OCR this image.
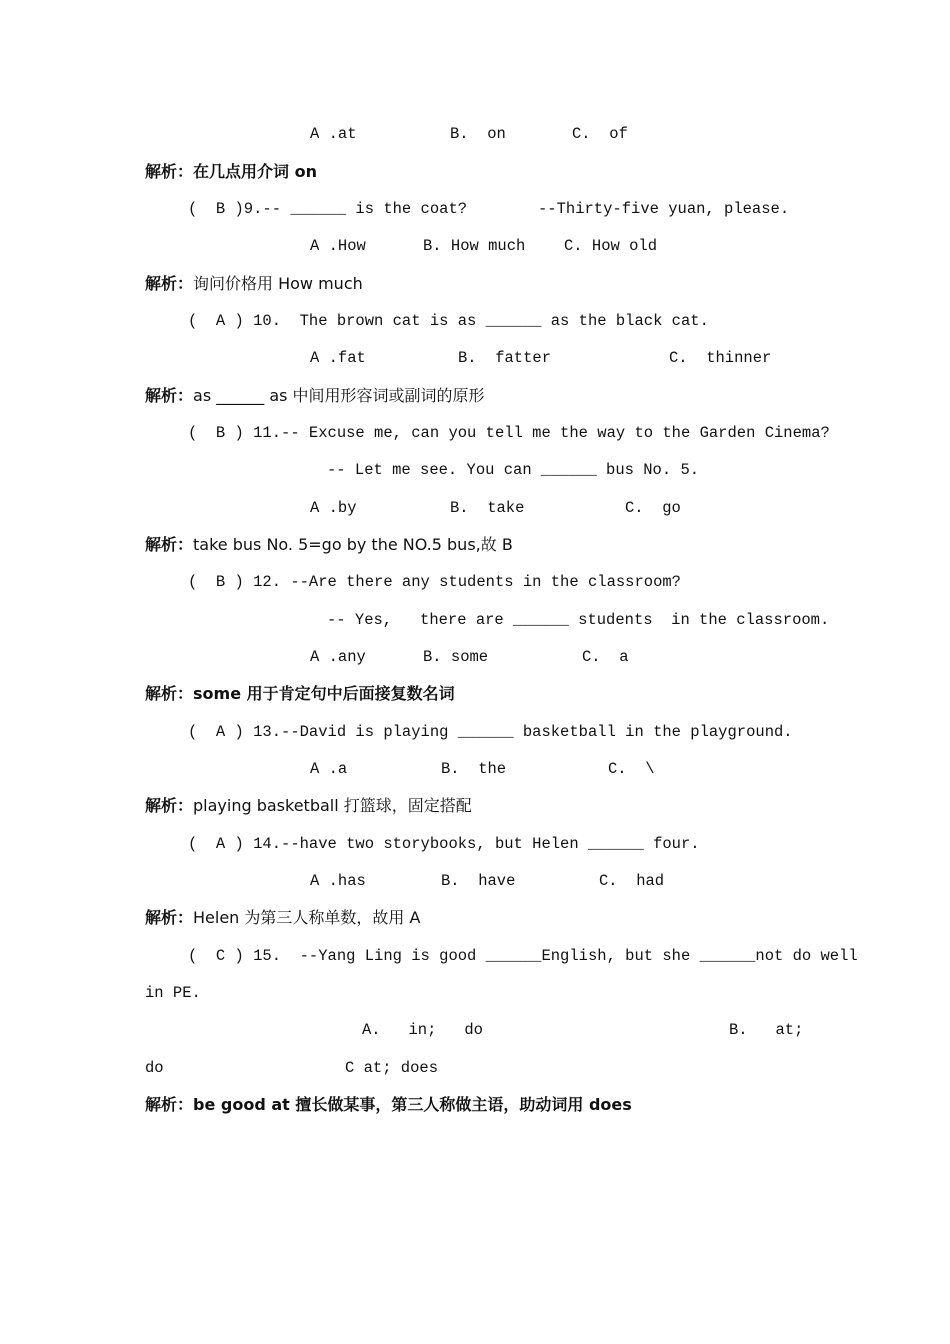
A .at	B.  on	C.  of
解析：在几点用介词 on
(  B )9.-- ______ is the coat?	--Thirty-five yuan, please.
A .How	B. How much C. How old
解析：询问价格用 How much
(  A ) 10.  The brown cat is as ______ as the black cat.
A .fat	B.  fatter	C.  thinner
解析：as ______ as 中间用形容词或副词的原形
(  B ) 11.-- Excuse me, can you tell me the way to the Garden Cinema?
-- Let me see. You can ______ bus No. 5.
A .by	B.  take	C.  go
解析：take bus No. 5=go by the NO.5 bus,故 B
(  B ) 12. --Are there any students in the classroom?
-- Yes,   there are ______ students  in the classroom.
A .any	B. some	C.  a
解析：some 用于肯定句中后面接复数名词
(  A ) 13.--David is playing ______ basketball in the playground.
A .a	B.  the	C.  \
解析：playing basketball 打篮球，固定搭配
(  A ) 14.--have two storybooks, but Helen ______ four.
A .has	B.  have	C.  had
解析：Helen 为第三人称单数，故用 A
(  C ) 15.  --Yang Ling is good ______English, but she ______not do well
in PE.
A.   in;   do	B.   at;
do	C at; does
解析：be good at 擅长做某事，第三人称做主语，助动词用 does
